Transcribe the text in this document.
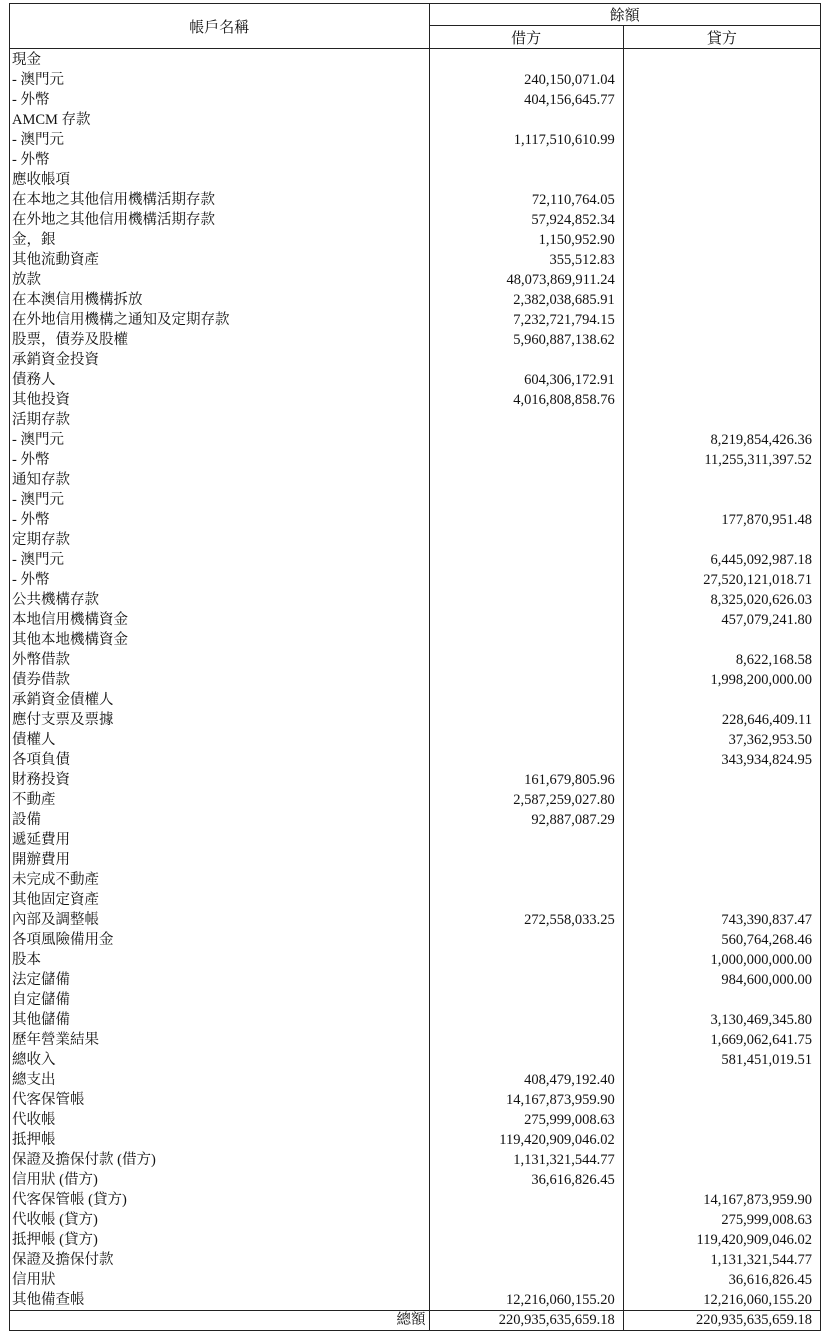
帳戶名稱	餘額	
	借方	貸方
現金		
- 澳門元	240,150,071.04	
- 外幣	404,156,645.77	
AMCM 存款		
- 澳門元	1,117,510,610.99	
- 外幣		
應收帳項		
在本地之其他信用機構活期存款	72,110,764.05	
在外地之其他信用機構活期存款	57,924,852.34	
金，銀	1,150,952.90	
其他流動資產	355,512.83	
放款	48,073,869,911.24	
在本澳信用機構拆放	2,382,038,685.91	
在外地信用機構之通知及定期存款	7,232,721,794.15	
股票，債券及股權	5,960,887,138.62	
承銷資金投資		
債務人	604,306,172.91	
其他投資	4,016,808,858.76	
活期存款		
- 澳門元		8,219,854,426.36
- 外幣		11,255,311,397.52
通知存款		
- 澳門元		
- 外幣		177,870,951.48
定期存款		
- 澳門元		6,445,092,987.18
- 外幣		27,520,121,018.71
公共機構存款		8,325,020,626.03
本地信用機構資金		457,079,241.80
其他本地機構資金		
外幣借款		8,622,168.58
債券借款		1,998,200,000.00
承銷資金債權人		
應付支票及票據		228,646,409.11
債權人		37,362,953.50
各項負債		343,934,824.95
財務投資	161,679,805.96	
不動產	2,587,259,027.80	
設備	92,887,087.29	
遞延費用		
開辦費用		
未完成不動產		
其他固定資產		
內部及調整帳	272,558,033.25	743,390,837.47
各項風險備用金		560,764,268.46
股本		1,000,000,000.00
法定儲備		984,600,000.00
自定儲備		
其他儲備		3,130,469,345.80
歷年營業結果		1,669,062,641.75
總收入		581,451,019.51
總支出	408,479,192.40	
代客保管帳	14,167,873,959.90	
代收帳	275,999,008.63	
抵押帳	119,420,909,046.02	
保證及擔保付款 (借方)	1,131,321,544.77	
信用狀 (借方)	36,616,826.45	
代客保管帳 (貸方)		14,167,873,959.90
代收帳 (貸方)		275,999,008.63
抵押帳 (貸方)		119,420,909,046.02
保證及擔保付款		1,131,321,544.77
信用狀		36,616,826.45
其他備查帳	12,216,060,155.20	12,216,060,155.20
總額	220,935,635,659.18	220,935,635,659.18
